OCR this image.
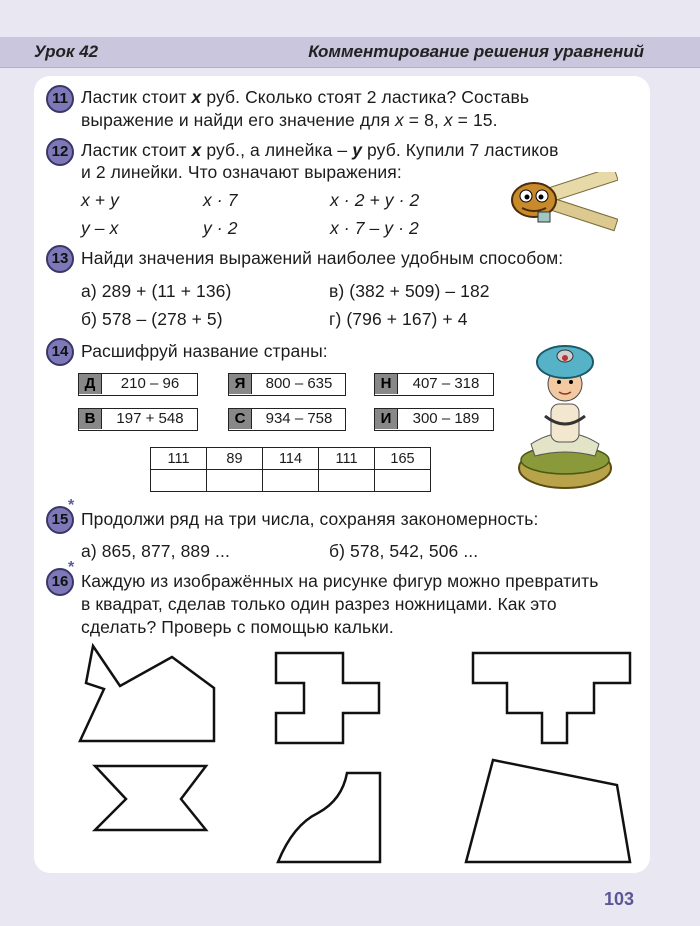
Урок 42	Комментирование решения уравнений
11 Ластик стоит x руб. Сколько стоят 2 ластика? Составь
выражение и найди его значение для x = 8, x = 15.
12 Ластик стоит x руб., а линейка – y руб. Купили 7 ластиков
и 2 линейки. Что означают выражения:
x + y	x · 7	x · 2 + y · 2
y – x	y · 2	x · 7 – y · 2
13 Найди значения выражений наиболее удобным способом:
а) 289 + (11 + 136)	в) (382 + 509) – 182
б) 578 – (278 + 5)	г) (796 + 167) + 4
14 Расшифруй название страны:
Д	210 – 96	Я	800 – 635	Н	407 – 318
В	197 + 548	С	934 – 758	И	300 – 189
111	89	114	111	165

15
*
Продолжи ряд на три числа, сохраняя закономерность:
а) 865, 877, 889 ...	б) 578, 542, 506 ...
16
*
Каждую из изображённых на рисунке фигур можно превратить
в квадрат, сделав только один разрез ножницами. Как это
сделать? Проверь с помощью кальки.
103
